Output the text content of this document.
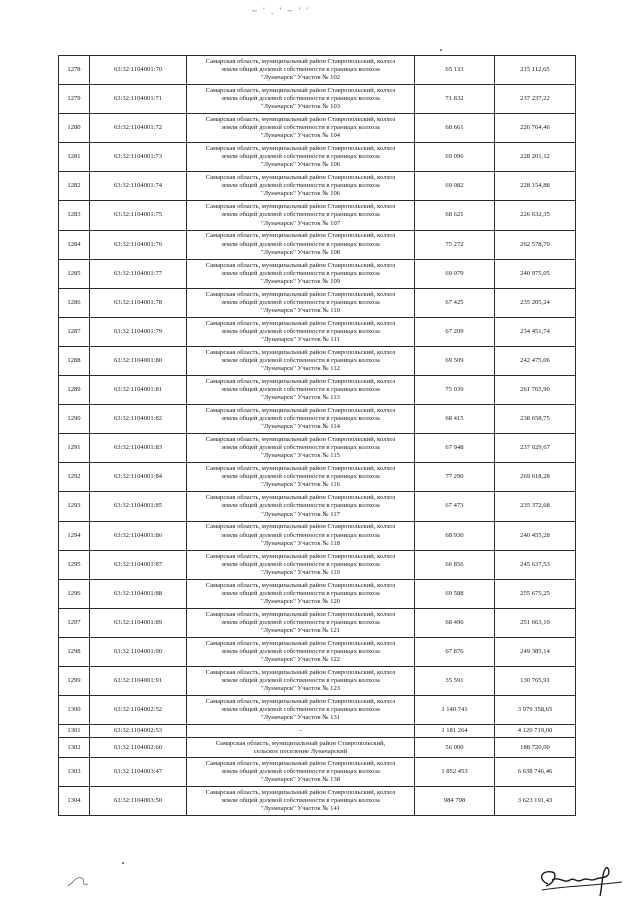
~ ' . ' ~ ' '
1278	63:32:1104001:70	Самарская область, муниципальный район Ставропольский, колхоз
земли общей долевой собственности в границах колхоза
"Луначарск" Участок № 102	65 133	215 112,65
1279	63:32:1104001:71	Самарская область, муниципальный район Ставропольский, колхоз
земли общей долевой собственности в границах колхоза
"Луначарск" Участок № 103	71 832	237 237,22
1280	63:32:1104001:72	Самарская область, муниципальный район Ставропольский, колхоз
земли общей долевой собственности в границах колхоза
"Луначарск" Участок № 104	68 661	226 764,46
1281	63:32:1104001:73	Самарская область, муниципальный район Ставропольский, колхоз
земли общей долевой собственности в границах колхоза
"Луначарск" Участок № 106	69 096	228 201,12
1282	63:32:1104001:74	Самарская область, муниципальный район Ставропольский, колхоз
земли общей долевой собственности в границах колхоза
"Луначарск" Участок № 106	69 082	228 154,88
1283	63:32:1104001:75	Самарская область, муниципальный район Ставропольский, колхоз
земли общей долевой собственности в границах колхоза
"Луначарск" Участок № 107	68 621	226 632,35
1284	63:32:1104001:76	Самарская область, муниципальный район Ставропольский, колхоз
земли общей долевой собственности в границах колхоза
"Луначарск" Участок № 108	75 272	262 578,70
1285	63:32:1104001:77	Самарская область, муниципальный район Ставропольский, колхоз
земли общей долевой собственности в границах колхоза
"Луначарск" Участок № 109	69 079	240 975,05
1286	63:32:1104001:78	Самарская область, муниципальный район Ставропольский, колхоз
земли общей долевой собственности в границах колхоза
"Луначарск" Участок № 110	67 425	235 205,24
1287	63:32:1104001:79	Самарская область, муниципальный район Ставропольский, колхоз
земли общей долевой собственности в границах колхоза
"Луначарск" Участок № 111	67 209	234 451,74
1288	63:32:1104001:80	Самарская область, муниципальный район Ставропольский, колхоз
земли общей долевой собственности в границах колхоза
"Луначарск" Участок № 112	69 509	242 475,06
1289	63:32:1104001:81	Самарская область, муниципальный район Ставропольский, колхоз
земли общей долевой собственности в границах колхоза
"Луначарск" Участок № 113	75 039	261 765,90
1290	63:32:1104001:82	Самарская область, муниципальный район Ставропольский, колхоз
земли общей долевой собственности в границах колхоза
"Луначарск" Участок № 114	68 415	238 658,75
1291	63:32:1104001:83	Самарская область, муниципальный район Ставропольский, колхоз
земли общей долевой собственности в границах колхоза
"Луначарск" Участок № 115	67 948	237 029,67
1292	63:32:1104001:84	Самарская область, муниципальный район Ставропольский, колхоз
земли общей долевой собственности в границах колхоза
"Луначарск" Участок № 116	77 290	269 618,28
1293	63:32:1104001:85	Самарская область, муниципальный район Ставропольский, колхоз
земли общей долевой собственности в границах колхоза
"Луначарск" Участок № 117	67 473	235 372,68
1294	63:32:1104001:86	Самарская область, муниципальный район Ставропольский, колхоз
земли общей долевой собственности в границах колхоза
"Луначарск" Участок № 118	68 930	240 455,28
1295	63:32:1104001:87	Самарская область, муниципальный район Ставропольский, колхоз
земли общей долевой собственности в границах колхоза
"Луначарск" Участок № 119	66 856	245 637,53
1296	63:32:1104001:88	Самарская область, муниципальный район Ставропольский, колхоз
земли общей долевой собственности в границах колхоза
"Луначарск" Участок № 120	69 588	255 675,25
1297	63:32:1104001:89	Самарская область, муниципальный район Ставропольский, колхоз
земли общей долевой собственности в границах колхоза
"Луначарск" Участок № 121	68 496	251 663,10
1298	63:32:1104001:90	Самарская область, муниципальный район Ставропольский, колхоз
земли общей долевой собственности в границах колхоза
"Луначарск" Участок № 122	67 876	249 385,14
1299	63:32:1104001:91	Самарская область, муниципальный район Ставропольский, колхоз
земли общей долевой собственности в границах колхоза
"Луначарск" Участок № 123	35 591	130 765,91
1300	63:32:1104002:52	Самарская область, муниципальный район Ставропольский, колхоз
земли общей долевой собственности в границах колхоза
"Луначарск" Участок № 131	1 140 741	3 979 358,65
1301	63:32:1104002:53	-	1 181 264	4 120 719,00
1302	63:32:1104002:60	Самарская область, муниципальный район Ставропольский,
сельское поселение Луначарский	56 000	188 720,00
1303	63:32:1104003:47	Самарская область, муниципальный район Ставропольский, колхоз
земли общей долевой собственности в границах колхоза
"Луначарск" Участок № 138	1 852 453	6 638 746,46
1304	63:32:1104003:50	Самарская область, муниципальный район Ставропольский, колхоз
земли общей долевой собственности в границах колхоза
"Луначарск" Участок № 141	984 798	3 623 191,43
